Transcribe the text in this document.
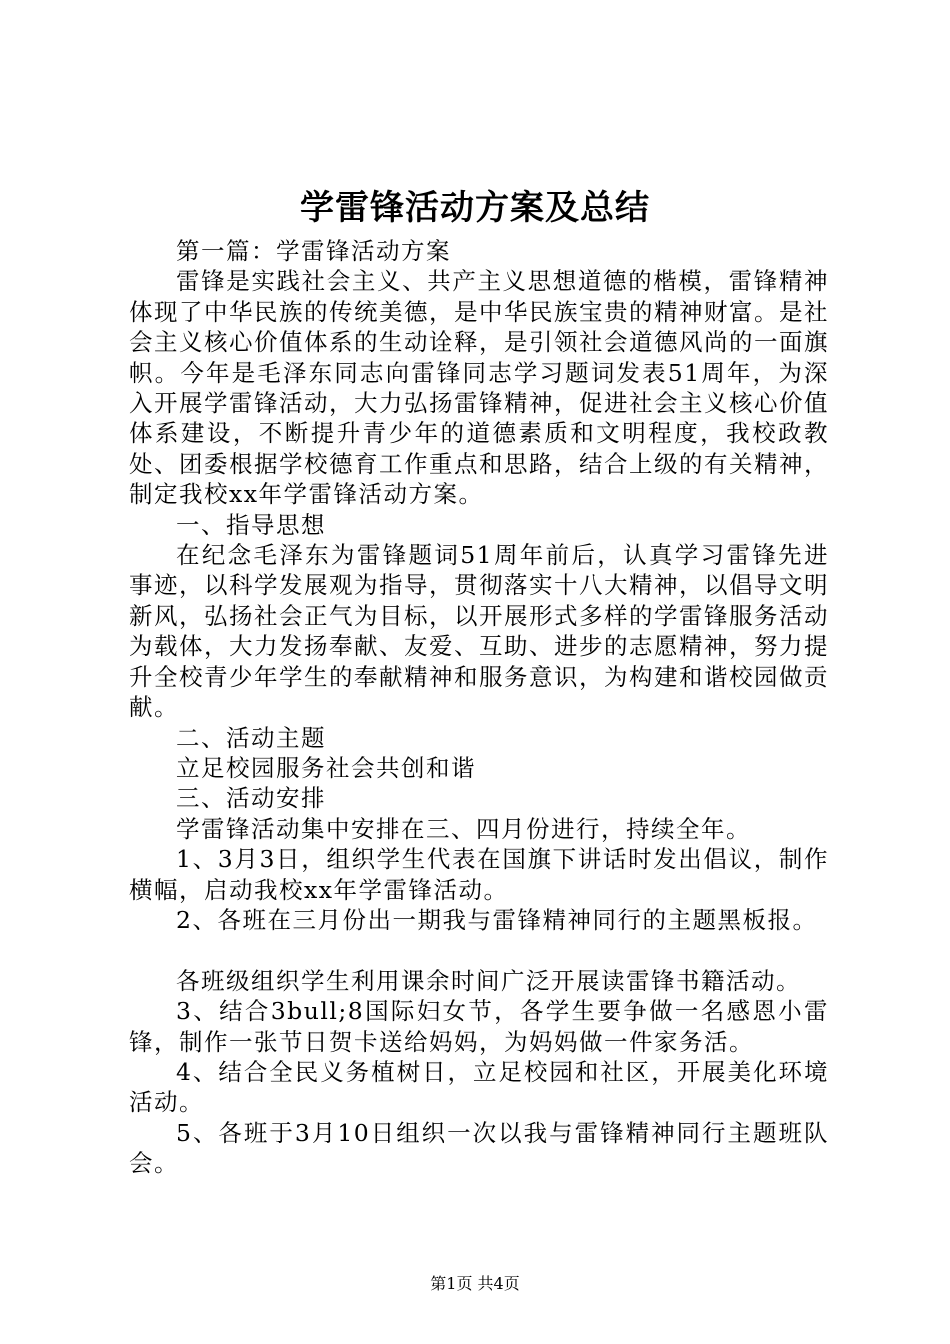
学雷锋活动方案及总结

第一篇：学雷锋活动方案

雷锋是实践社会主义、共产主义思想道德的楷模，雷锋精神体现了中华民族的传统美德，是中华民族宝贵的精神财富。是社会主义核心价值体系的生动诠释，是引领社会道德风尚的一面旗帜。今年是毛泽东同志向雷锋同志学习题词发表51周年，为深入开展学雷锋活动，大力弘扬雷锋精神，促进社会主义核心价值体系建设，不断提升青少年的道德素质和文明程度，我校政教处、团委根据学校德育工作重点和思路，结合上级的有关精神，制定我校xx年学雷锋活动方案。

一、指导思想

在纪念毛泽东为雷锋题词51周年前后，认真学习雷锋先进事迹，以科学发展观为指导，贯彻落实十八大精神，以倡导文明新风，弘扬社会正气为目标，以开展形式多样的学雷锋服务活动为载体，大力发扬奉献、友爱、互助、进步的志愿精神，努力提升全校青少年学生的奉献精神和服务意识，为构建和谐校园做贡献。

二、活动主题

立足校园服务社会共创和谐

三、活动安排

学雷锋活动集中安排在三、四月份进行，持续全年。

1、3月3日，组织学生代表在国旗下讲话时发出倡议，制作横幅，启动我校xx年学雷锋活动。

2、各班在三月份出一期我与雷锋精神同行的主题黑板报。

各班级组织学生利用课余时间广泛开展读雷锋书籍活动。

3、结合3bull;8国际妇女节，各学生要争做一名感恩小雷锋，制作一张节日贺卡送给妈妈，为妈妈做一件家务活。

4、结合全民义务植树日，立足校园和社区，开展美化环境活动。

5、各班于3月10日组织一次以我与雷锋精神同行主题班队会。

第1页 共4页
